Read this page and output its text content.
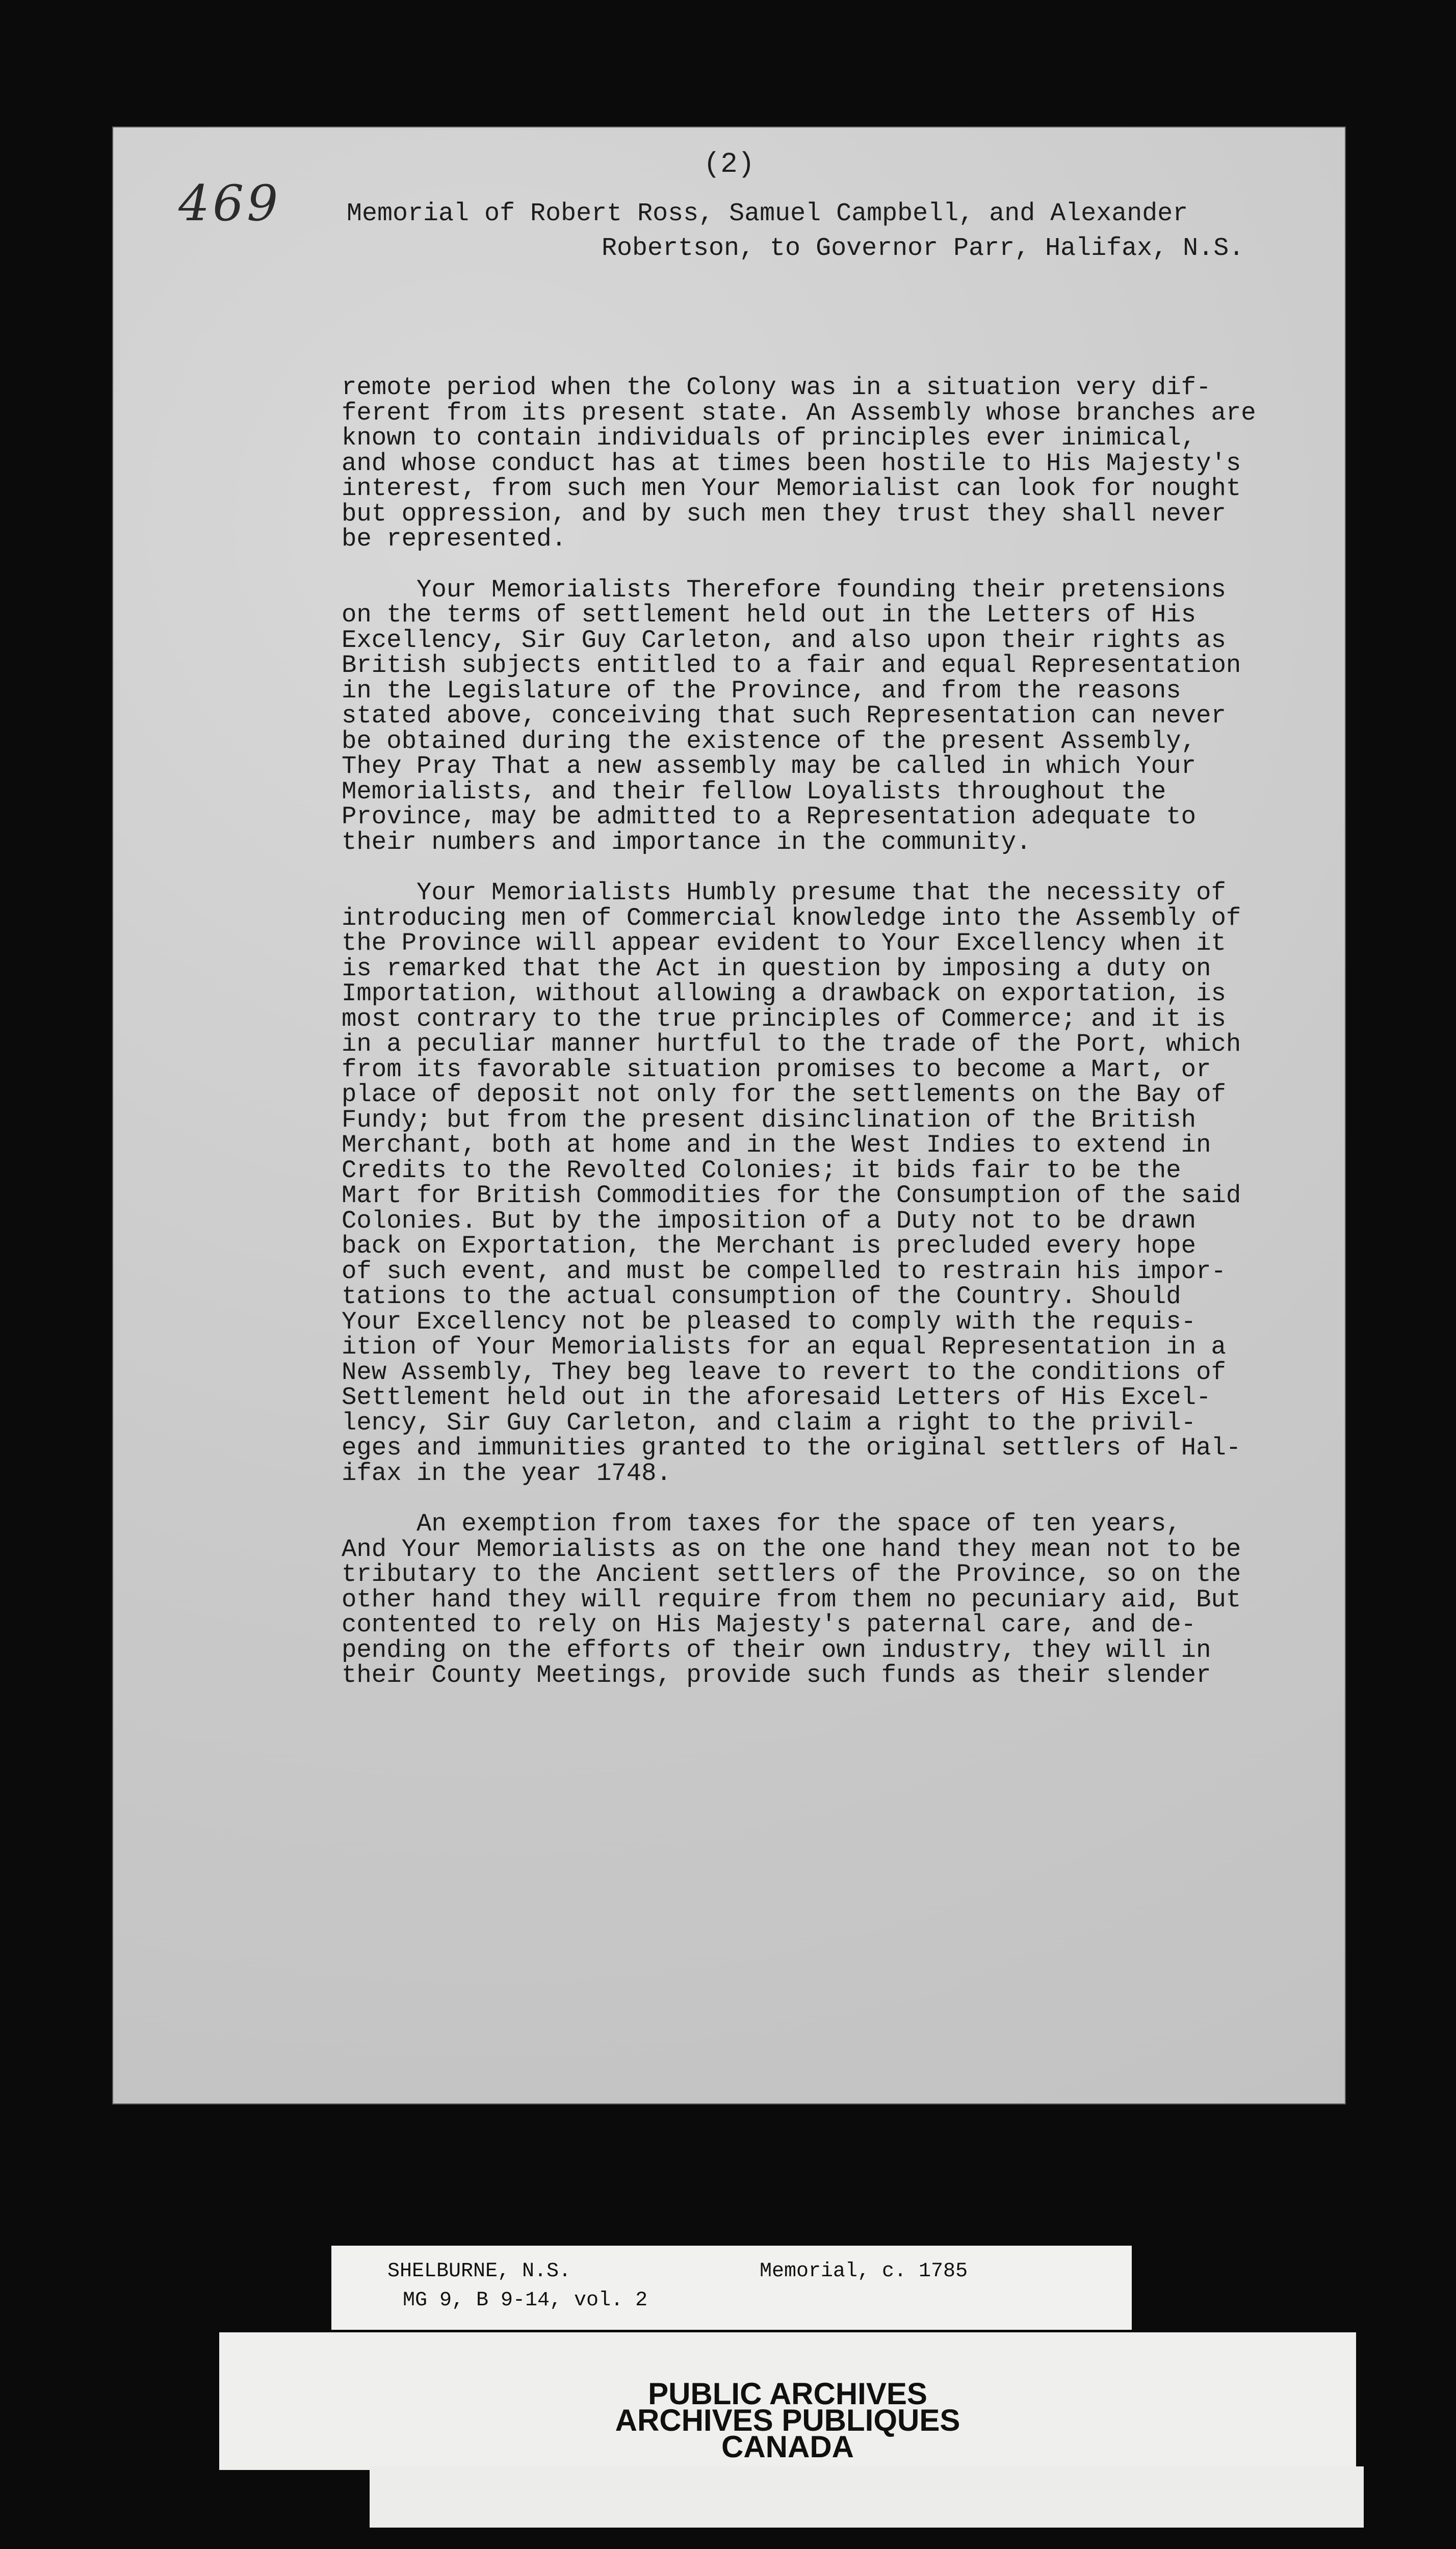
469
(2)
Memorial of Robert Ross, Samuel Campbell, and Alexander
Robertson, to Governor Parr, Halifax, N.S.
remote period when the Colony was in a situation very dif-
ferent from its present state. An Assembly whose branches are
known to contain individuals of principles ever inimical,
and whose conduct has at times been hostile to His Majesty's
interest, from such men Your Memorialist can look for nought
but oppression, and by such men they trust they shall never
be represented.
Your Memorialists Therefore founding their pretensions
on the terms of settlement held out in the Letters of His
Excellency, Sir Guy Carleton, and also upon their rights as
British subjects entitled to a fair and equal Representation
in the Legislature of the Province, and from the reasons
stated above, conceiving that such Representation can never
be obtained during the existence of the present Assembly,
They Pray That a new assembly may be called in which Your
Memorialists, and their fellow Loyalists throughout the
Province, may be admitted to a Representation adequate to
their numbers and importance in the community.
Your Memorialists Humbly presume that the necessity of
introducing men of Commercial knowledge into the Assembly of
the Province will appear evident to Your Excellency when it
is remarked that the Act in question by imposing a duty on
Importation, without allowing a drawback on exportation, is
most contrary to the true principles of Commerce; and it is
in a peculiar manner hurtful to the trade of the Port, which
from its favorable situation promises to become a Mart, or
place of deposit not only for the settlements on the Bay of
Fundy; but from the present disinclination of the British
Merchant, both at home and in the West Indies to extend in
Credits to the Revolted Colonies; it bids fair to be the
Mart for British Commodities for the Consumption of the said
Colonies. But by the imposition of a Duty not to be drawn
back on Exportation, the Merchant is precluded every hope
of such event, and must be compelled to restrain his impor-
tations to the actual consumption of the Country. Should
Your Excellency not be pleased to comply with the requis-
ition of Your Memorialists for an equal Representation in a
New Assembly, They beg leave to revert to the conditions of
Settlement held out in the aforesaid Letters of His Excel-
lency, Sir Guy Carleton, and claim a right to the privil-
eges and immunities granted to the original settlers of Hal-
ifax in the year 1748.
An exemption from taxes for the space of ten years,
And Your Memorialists as on the one hand they mean not to be
tributary to the Ancient settlers of the Province, so on the
other hand they will require from them no pecuniary aid, But
contented to rely on His Majesty's paternal care, and de-
pending on the efforts of their own industry, they will in
their County Meetings, provide such funds as their slender
SHELBURNE, N.S.
MG 9, B 9-14, vol. 2
Memorial, c. 1785
PUBLIC ARCHIVES
ARCHIVES PUBLIQUES
CANADA
